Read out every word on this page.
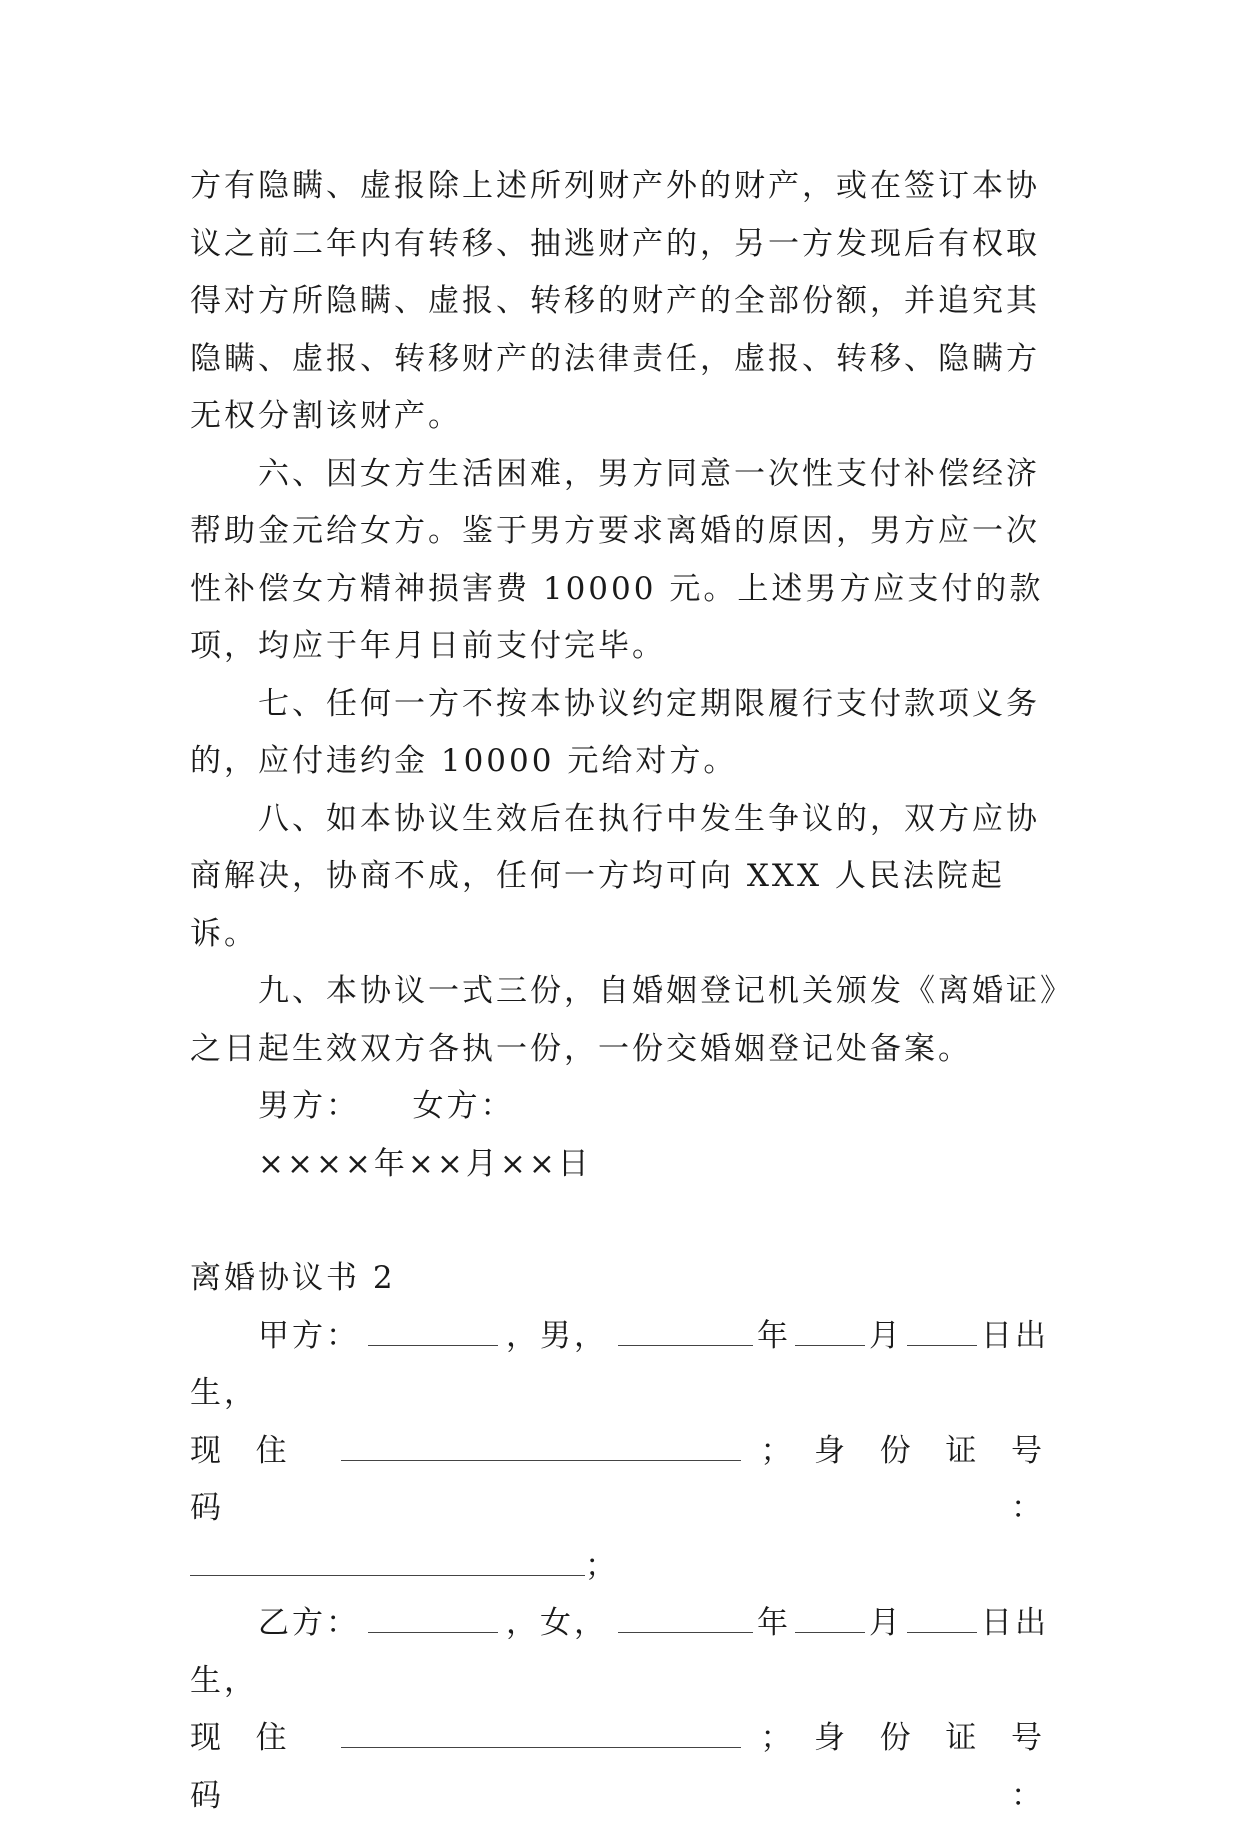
方有隐瞒、虚报除上述所列财产外的财产，或在签订本协议之前二年内有转移、抽逃财产的，另一方发现后有权取得对方所隐瞒、虚报、转移的财产的全部份额，并追究其隐瞒、虚报、转移财产的法律责任，虚报、转移、隐瞒方无权分割该财产。

六、因女方生活困难，男方同意一次性支付补偿经济帮助金元给女方。鉴于男方要求离婚的原因，男方应一次性补偿女方精神损害费 10000 元。上述男方应支付的款项，均应于年月日前支付完毕。

七、任何一方不按本协议约定期限履行支付款项义务的，应付违约金 10000 元给对方。

八、如本协议生效后在执行中发生争议的，双方应协商解决，协商不成，任何一方均可向 XXX 人民法院起诉。

九、本协议一式三份，自婚姻登记机关颁发《离婚证》之日起生效双方各执一份，一份交婚姻登记处备案。

男方：　　女方：

××××年××月××日

离婚协议书 2

甲方：	，男，	年	月	日出生，

现住	； 身份证号码：

；

乙方：	，女，	年	月	日出生，

现住	； 身份证号码：
